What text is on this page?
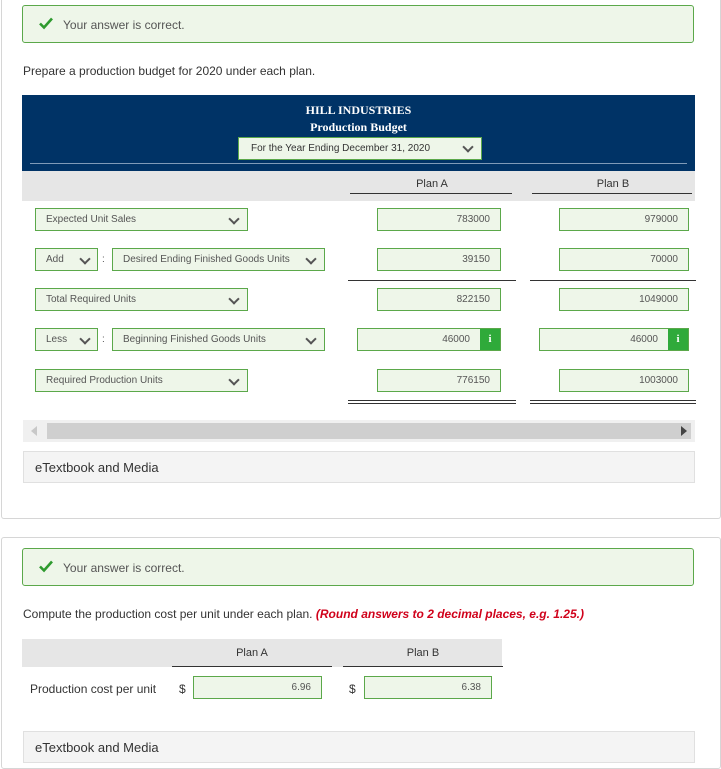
Your answer is correct.
Prepare a production budget for 2020 under each plan.
HILL INDUSTRIES
Production Budget
For the Year Ending December 31, 2020
Plan A	Plan B
Expected Unit Sales	783000	979000
Add	: Desired Ending Finished Goods Units	39150	70000
Total Required Units	822150	1049000
Less	: Beginning Finished Goods Units	46000	i	46000	i
Required Production Units	776150	1003000
eTextbook and Media
Your answer is correct.
Compute the production cost per unit under each plan. (Round answers to 2 decimal places, e.g. 1.25.)
Plan A	Plan B
Production cost per unit $	6.96	$	6.38
eTextbook and Media
